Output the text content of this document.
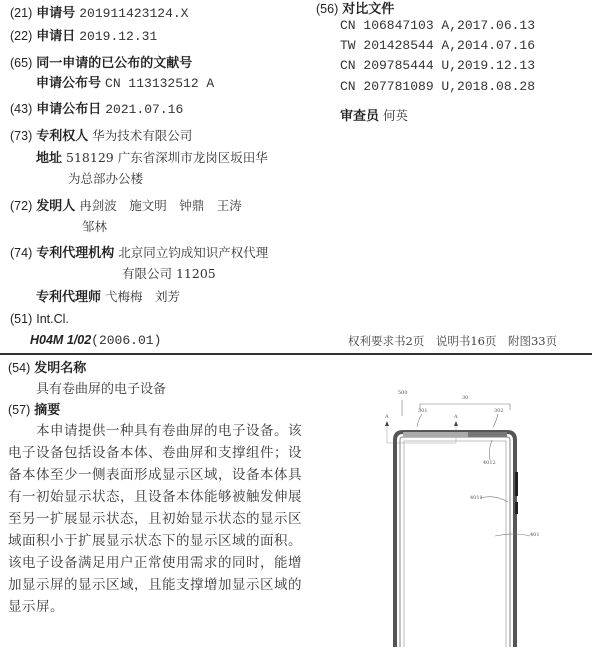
(21) 申请号 201911423124.X
(22) 申请日 2019.12.31
(65) 同一申请的已公布的文献号
申请公布号 CN 113132512 A
(43) 申请公布日 2021.07.16
(73) 专利权人 华为技术有限公司
地址 518129 广东省深圳市龙岗区坂田华
为总部办公楼
(72) 发明人 冉剑波　施文明　钟鼎　王涛
邹林
(74) 专利代理机构 北京同立钧成知识产权代理
有限公司 11205
专利代理师 弋梅梅　刘芳
(51) Int.Cl.
H04M 1/02 (2006.01)
(56) 对比文件
CN 106847103 A,2017.06.13
TW 201428544 A,2014.07.16
CN 209785444 U,2019.12.13
CN 207781089 U,2018.08.28
审查员 何英
权利要求书2页　说明书16页　附图33页
(54) 发明名称
具有卷曲屏的电子设备
(57) 摘要
　　本申请提供一种具有卷曲屏的电子设备。该
电子设备包括设备本体、卷曲屏和支撑组件；设
备本体至少一侧表面形成显示区域，设备本体具
有一初始显示状态，且设备本体能够被触发伸展
至另一扩展显示状态，且初始显示状态的显示区
域面积小于扩展显示状态下的显示区域的面积。
该电子设备满足用户正常使用需求的同时，能增
加显示屏的显示区域，且能支撑增加显示区域的
显示屏。
500
30
301	302
A	A
4012
4011
401
